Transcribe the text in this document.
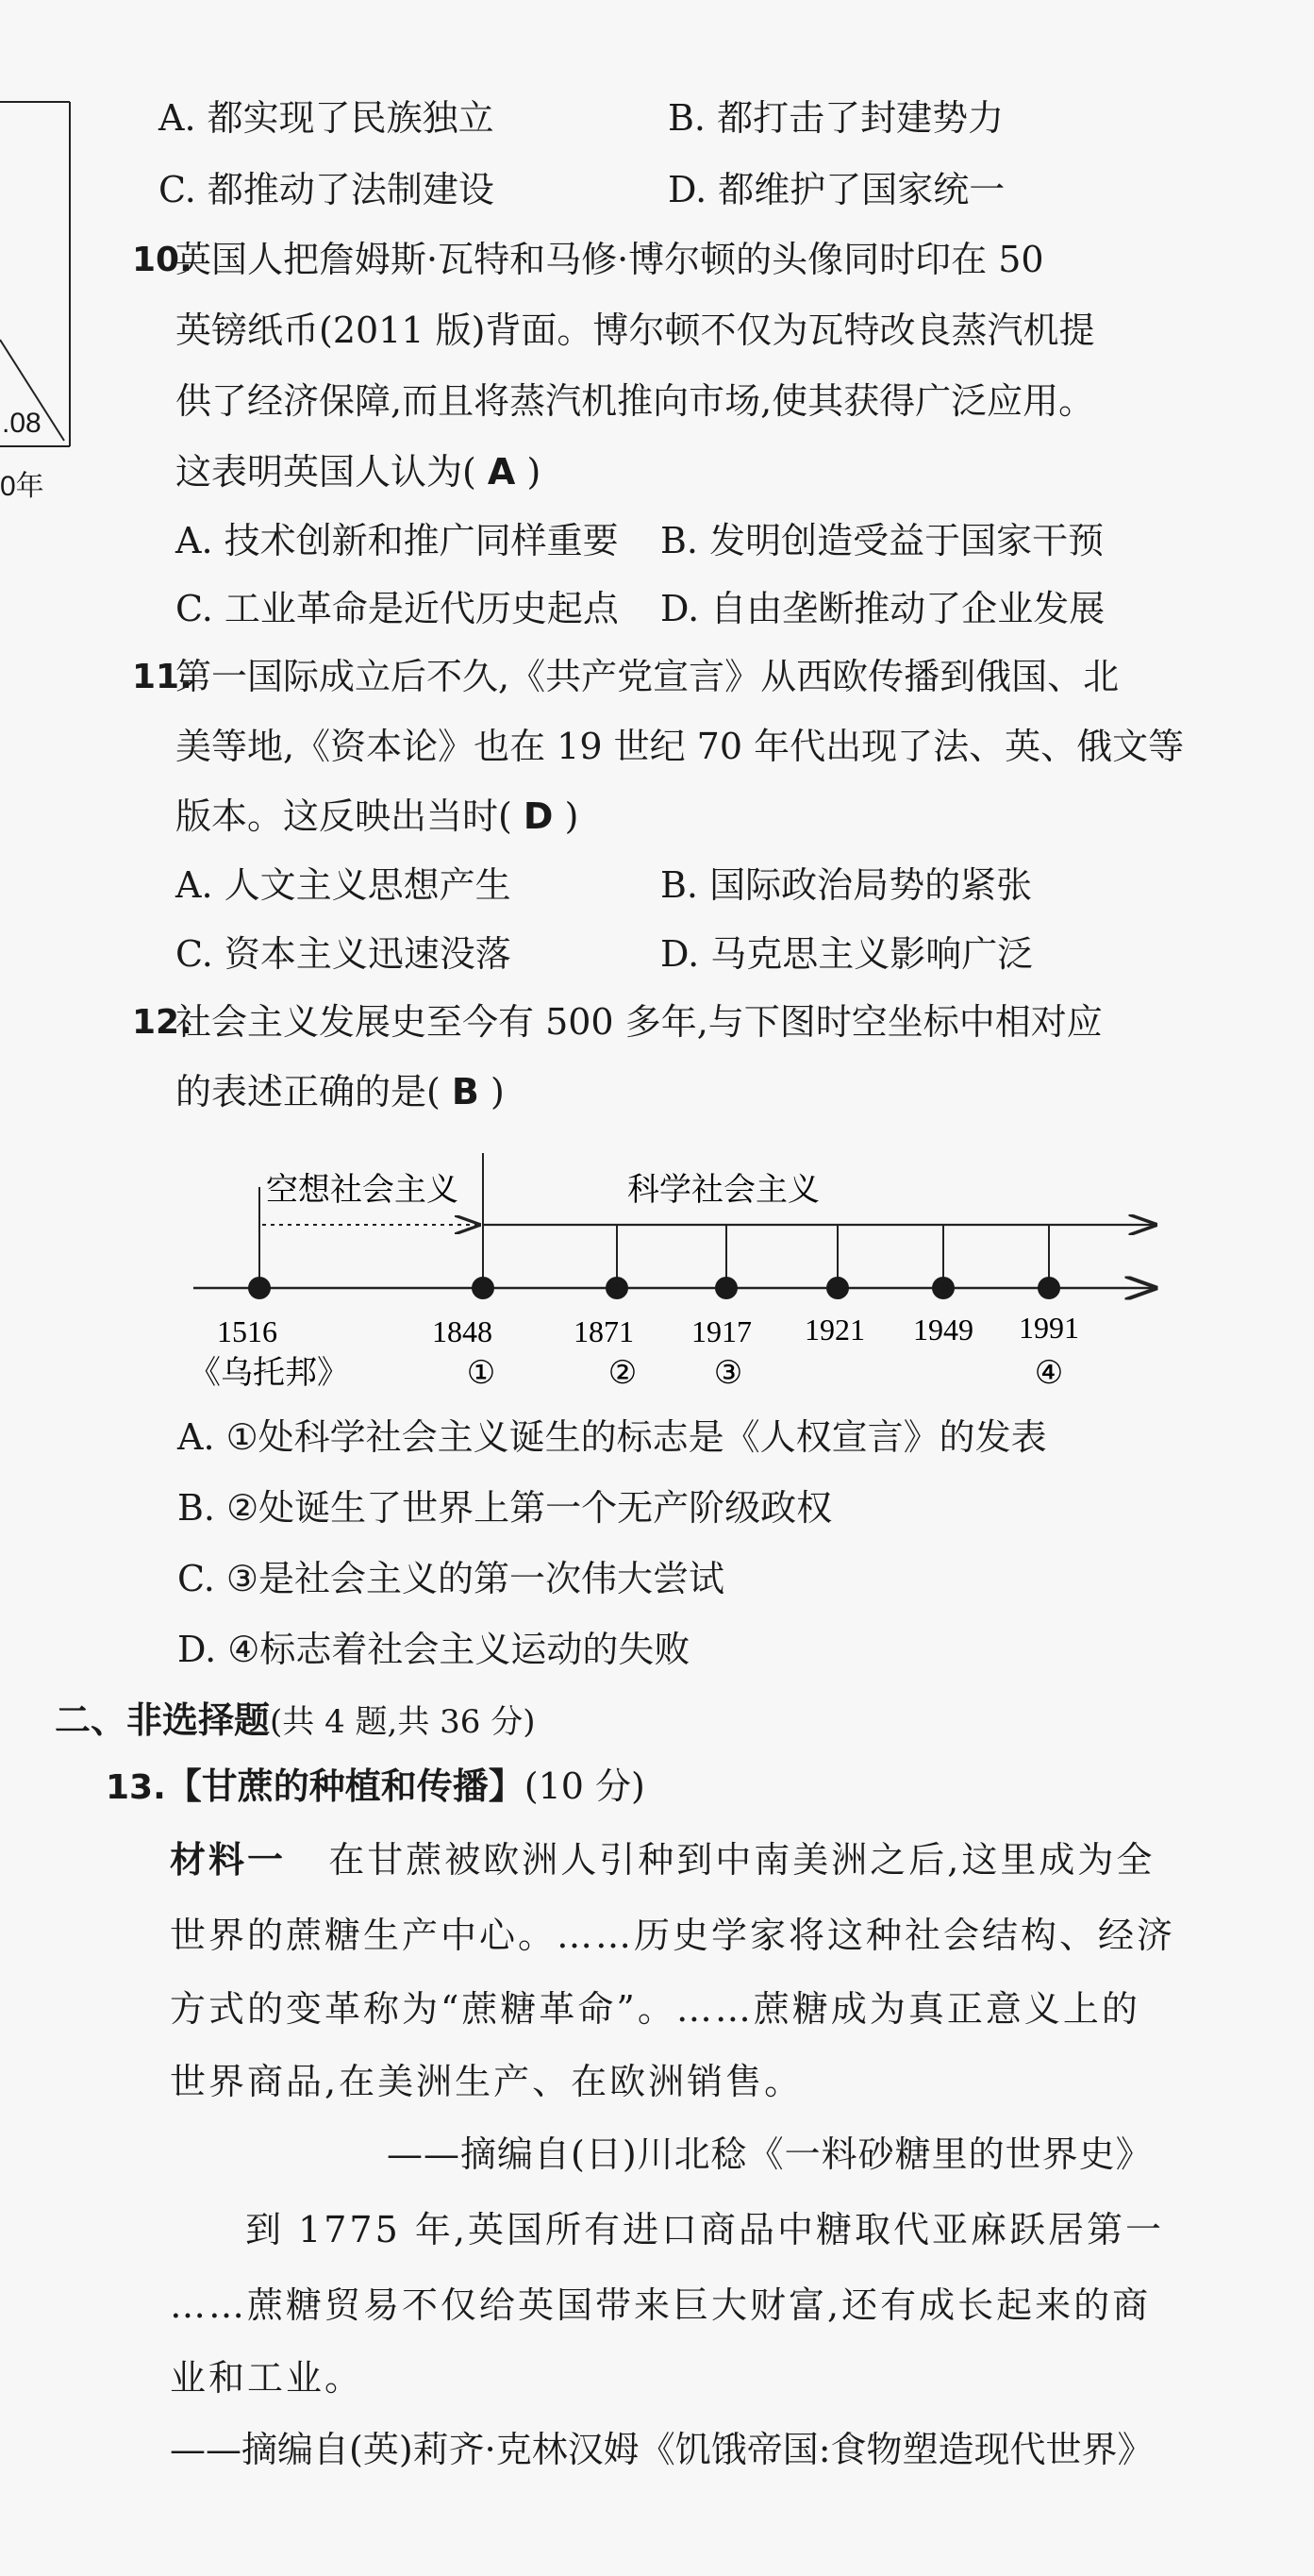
.08
0年
A. 都实现了民族独立	B. 都打击了封建势力
C. 都推动了法制建设	D. 都维护了国家统一
10.
英国人把詹姆斯·瓦特和马修·博尔顿的头像同时印在 50
英镑纸币(2011 版)背面。博尔顿不仅为瓦特改良蒸汽机提
供了经济保障,而且将蒸汽机推向市场,使其获得广泛应用。
这表明英国人认为( A )
A. 技术创新和推广同样重要 B. 发明创造受益于国家干预
C. 工业革命是近代历史起点 D. 自由垄断推动了企业发展
11.
第一国际成立后不久,《共产党宣言》从西欧传播到俄国、北
美等地,《资本论》也在 19 世纪 70 年代出现了法、英、俄文等
版本。这反映出当时( D )
A. 人文主义思想产生	B. 国际政治局势的紧张
C. 资本主义迅速没落	D. 马克思主义影响广泛
12.
社会主义发展史至今有 500 多年,与下图时空坐标中相对应
的表述正确的是( B )
空想社会主义	科学社会主义
1516	1848	1871 1917 1921 1949 1991
《乌托邦》	①	② ③	④
A. ①处科学社会主义诞生的标志是《人权宣言》的发表
B. ②处诞生了世界上第一个无产阶级政权
C. ③是社会主义的第一次伟大尝试
D. ④标志着社会主义运动的失败
二、非选择题(共 4 题,共 36 分)
13.【甘蔗的种植和传播】(10 分)
材料一 在甘蔗被欧洲人引种到中南美洲之后,这里成为全
世界的蔗糖生产中心。……历史学家将这种社会结构、经济
方式的变革称为“蔗糖革命”。……蔗糖成为真正意义上的
世界商品,在美洲生产、在欧洲销售。
——摘编自(日)川北稔《一料砂糖里的世界史》
到 1775 年,英国所有进口商品中糖取代亚麻跃居第一
……蔗糖贸易不仅给英国带来巨大财富,还有成长起来的商
业和工业。
——摘编自(英)莉齐·克林汉姆《饥饿帝国:食物塑造现代世界》
